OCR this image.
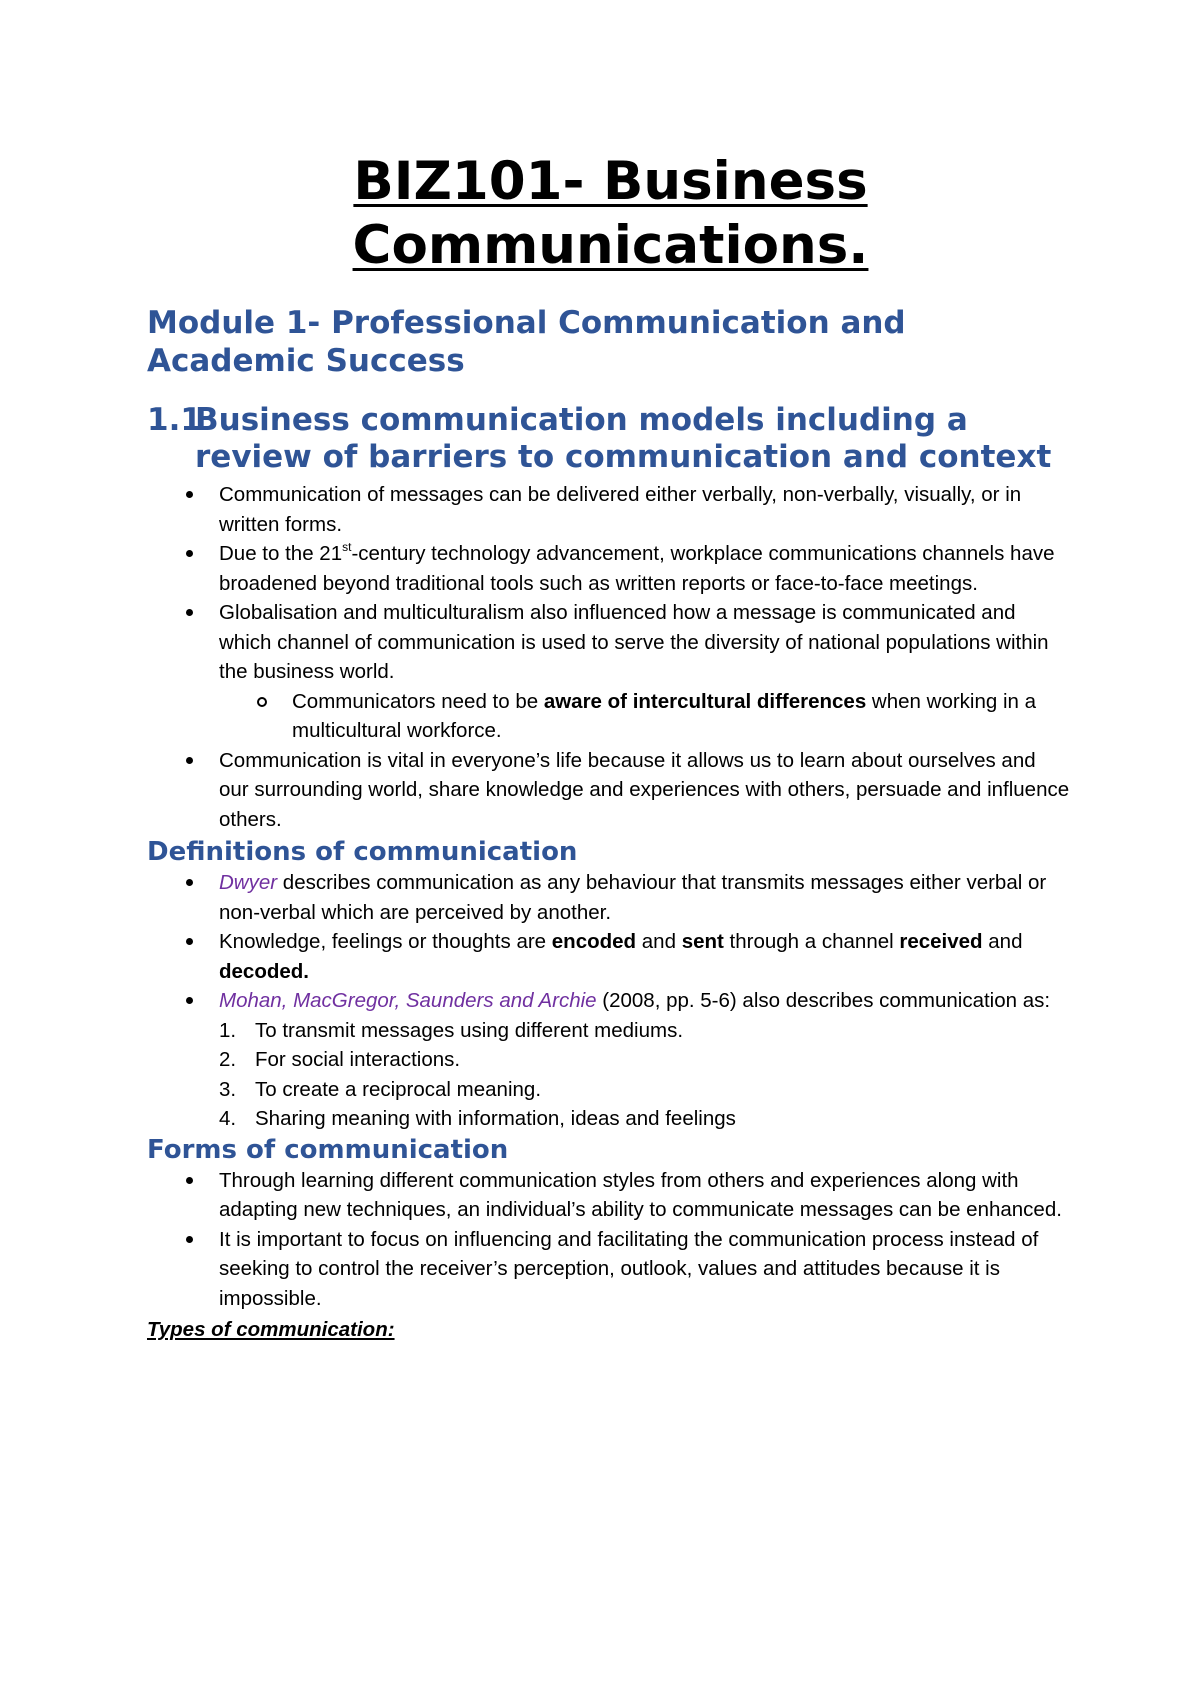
BIZ101- Business
Communications.
Module 1- Professional Communication and Academic Success
1.1
Business communication models including a review of barriers to communication and context
Communication of messages can be delivered either verbally, non-verbally, visually, or in written forms.
Due to the 21st-century technology advancement, workplace communications channels have broadened beyond traditional tools such as written reports or face-to-face meetings.
Globalisation and multiculturalism also influenced how a message is communicated and which channel of communication is used to serve the diversity of national populations within the business world.
Communicators need to be aware of intercultural differences when working in a multicultural workforce.
Communication is vital in everyone’s life because it allows us to learn about ourselves and our surrounding world, share knowledge and experiences with others, persuade and influence others.
Definitions of communication
Dwyer describes communication as any behaviour that transmits messages either verbal or non-verbal which are perceived by another.
Knowledge, feelings or thoughts are encoded and sent through a channel received and decoded.
Mohan, MacGregor, Saunders and Archie (2008, pp. 5-6) also describes communication as:
1. To transmit messages using different mediums.
2. For social interactions.
3. To create a reciprocal meaning.
4. Sharing meaning with information, ideas and feelings
Forms of communication
Through learning different communication styles from others and experiences along with adapting new techniques, an individual’s ability to communicate messages can be enhanced.
It is important to focus on influencing and facilitating the communication process instead of seeking to control the receiver’s perception, outlook, values and attitudes because it is impossible.
Types of communication:
